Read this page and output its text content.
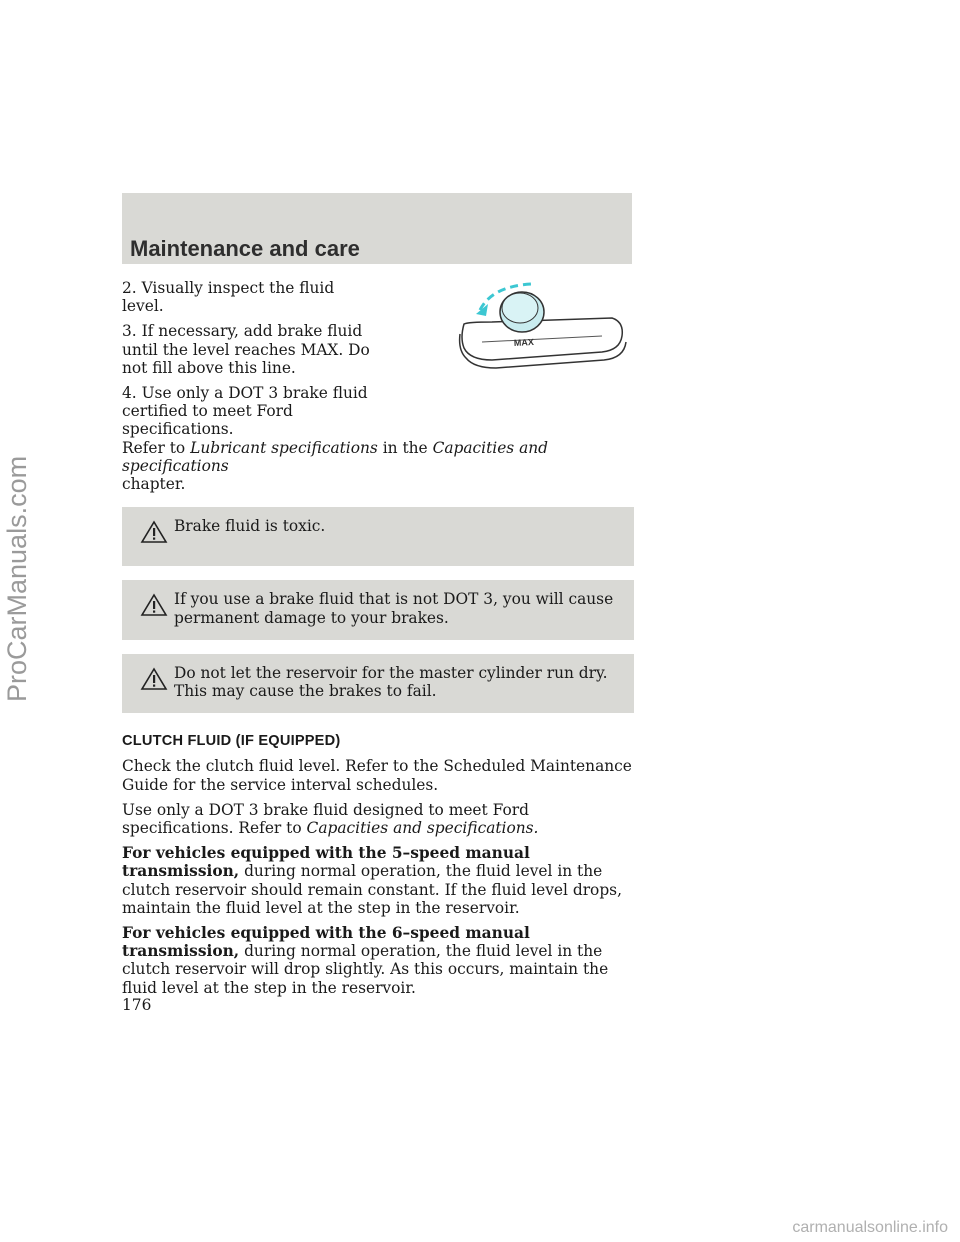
ProCarManuals.com
Maintenance and care
MAX

2. Visually inspect the fluid level.

3. If necessary, add brake fluid until the level reaches MAX. Do not fill above this line.

4. Use only a DOT 3 brake fluid certified to meet Ford specifications.
Refer to Lubricant specifications in the Capacities and specifications
chapter.

Brake fluid is toxic.

If you use a brake fluid that is not DOT 3, you will cause permanent damage to your brakes.

Do not let the reservoir for the master cylinder run dry. This may cause the brakes to fail.

CLUTCH FLUID (IF EQUIPPED)

Check the clutch fluid level. Refer to the Scheduled Maintenance Guide for the service interval schedules.

Use only a DOT 3 brake fluid designed to meet Ford specifications. Refer to Capacities and specifications.

For vehicles equipped with the 5–speed manual transmission, during normal operation, the fluid level in the clutch reservoir should remain constant. If the fluid level drops, maintain the fluid level at the step in the reservoir.

For vehicles equipped with the 6–speed manual transmission, during normal operation, the fluid level in the clutch reservoir will drop slightly. As this occurs, maintain the fluid level at the step in the reservoir.

176
carmanualsonline.info
